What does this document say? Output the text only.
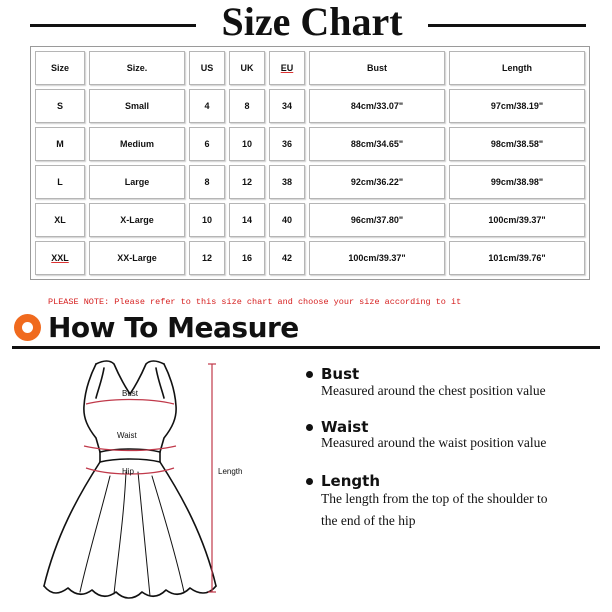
Size Chart
Size	Size.	US	UK	EU	Bust	Length
S	Small	4	8	34	84cm/33.07"	97cm/38.19"
M	Medium	6	10	36	88cm/34.65"	98cm/38.58"
L	Large	8	12	38	92cm/36.22"	99cm/38.98"
XL	X-Large	10	14	40	96cm/37.80"	100cm/39.37"
XXL	XX-Large	12	16	42	100cm/39.37"	101cm/39.76"
PLEASE NOTE: Please refer to this size chart and choose your size according to it
How To Measure
Bust
Waist
Hip	Length
Bust
Measured around the chest position value
Waist
Measured around the waist position value
Length
The length from the top of the shoulder to the end of the hip
